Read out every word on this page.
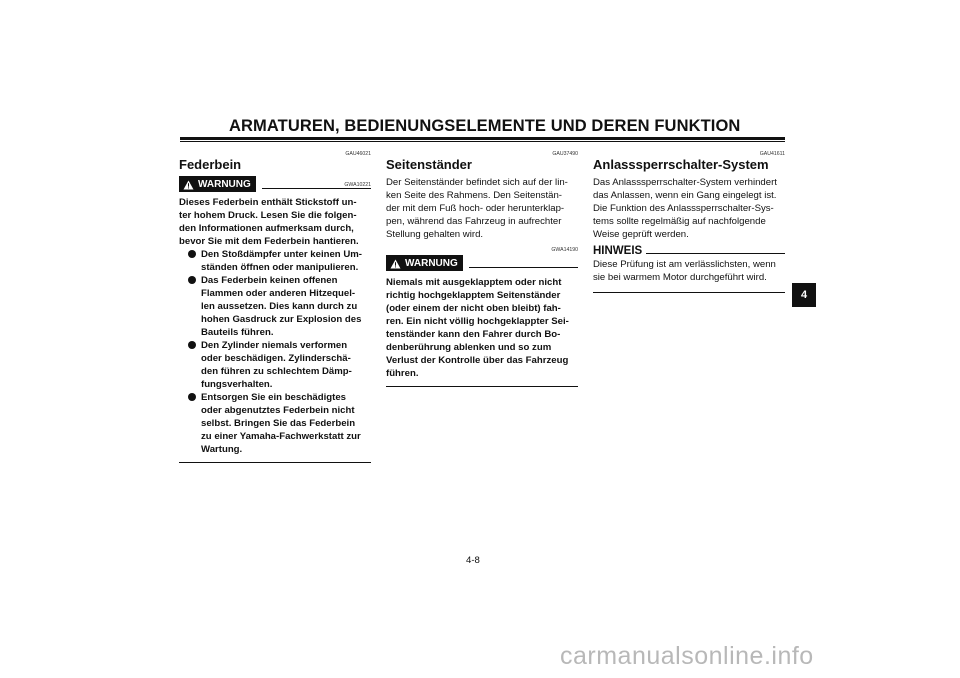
ARMATUREN, BEDIENUNGSELEMENTE UND DEREN FUNKTION
GAU46021
Federbein
WARNUNG	GWA10221
Dieses Federbein enthält Stickstoff un-
ter hohem Druck. Lesen Sie die folgen-
den Informationen aufmerksam durch,
bevor Sie mit dem Federbein hantieren.
Den Stoßdämpfer unter keinen Um-
ständen öffnen oder manipulieren.
Das Federbein keinen offenen
Flammen oder anderen Hitzequel-
len aussetzen. Dies kann durch zu
hohen Gasdruck zur Explosion des
Bauteils führen.
Den Zylinder niemals verformen
oder beschädigen. Zylinderschä-
den führen zu schlechtem Dämp-
fungsverhalten.
Entsorgen Sie ein beschädigtes
oder abgenutztes Federbein nicht
selbst. Bringen Sie das Federbein
zu einer Yamaha-Fachwerkstatt zur
Wartung.
GAU37490
Seitenständer
Der Seitenständer befindet sich auf der lin-
ken Seite des Rahmens. Den Seitenstän-
der mit dem Fuß hoch- oder herunterklap-
pen, während das Fahrzeug in aufrechter
Stellung gehalten wird.
GWA14190
WARNUNG
Niemals mit ausgeklapptem oder nicht
richtig hochgeklapptem Seitenständer
(oder einem der nicht oben bleibt) fah-
ren. Ein nicht völlig hochgeklappter Sei-
tenständer kann den Fahrer durch Bo-
denberührung ablenken und so zum
Verlust der Kontrolle über das Fahrzeug
führen.
GAU41611
Anlasssperrschalter-System
Das Anlasssperrschalter-System verhindert
das Anlassen, wenn ein Gang eingelegt ist.
Die Funktion des Anlasssperrschalter-Sys-
tems sollte regelmäßig auf nachfolgende
Weise geprüft werden.
HINWEIS
Diese Prüfung ist am verlässlichsten, wenn
sie bei warmem Motor durchgeführt wird.
4
4-8
carmanualsonline.info
